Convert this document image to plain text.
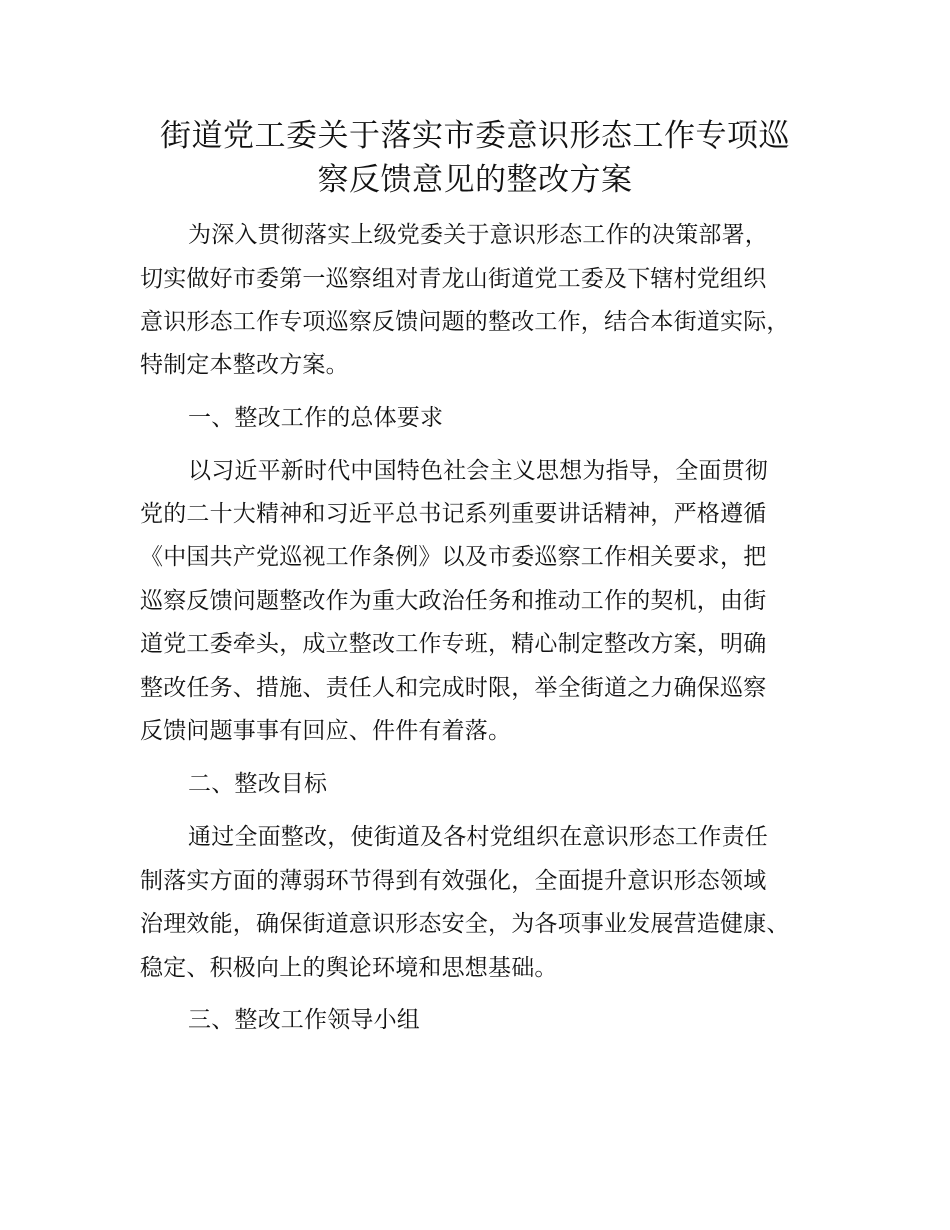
街道党工委关于落实市委意识形态工作专项巡
察反馈意见的整改方案
为深入贯彻落实上级党委关于意识形态工作的决策部署，
切实做好市委第一巡察组对青龙山街道党工委及下辖村党组织
意识形态工作专项巡察反馈问题的整改工作，结合本街道实际，
特制定本整改方案。
一、整改工作的总体要求
以习近平新时代中国特色社会主义思想为指导，全面贯彻
党的二十大精神和习近平总书记系列重要讲话精神，严格遵循
《中国共产党巡视工作条例》以及市委巡察工作相关要求，把
巡察反馈问题整改作为重大政治任务和推动工作的契机，由街
道党工委牵头，成立整改工作专班，精心制定整改方案，明确
整改任务、措施、责任人和完成时限，举全街道之力确保巡察
反馈问题事事有回应、件件有着落。
二、整改目标
通过全面整改，使街道及各村党组织在意识形态工作责任
制落实方面的薄弱环节得到有效强化，全面提升意识形态领域
治理效能，确保街道意识形态安全，为各项事业发展营造健康、
稳定、积极向上的舆论环境和思想基础。
三、整改工作领导小组
